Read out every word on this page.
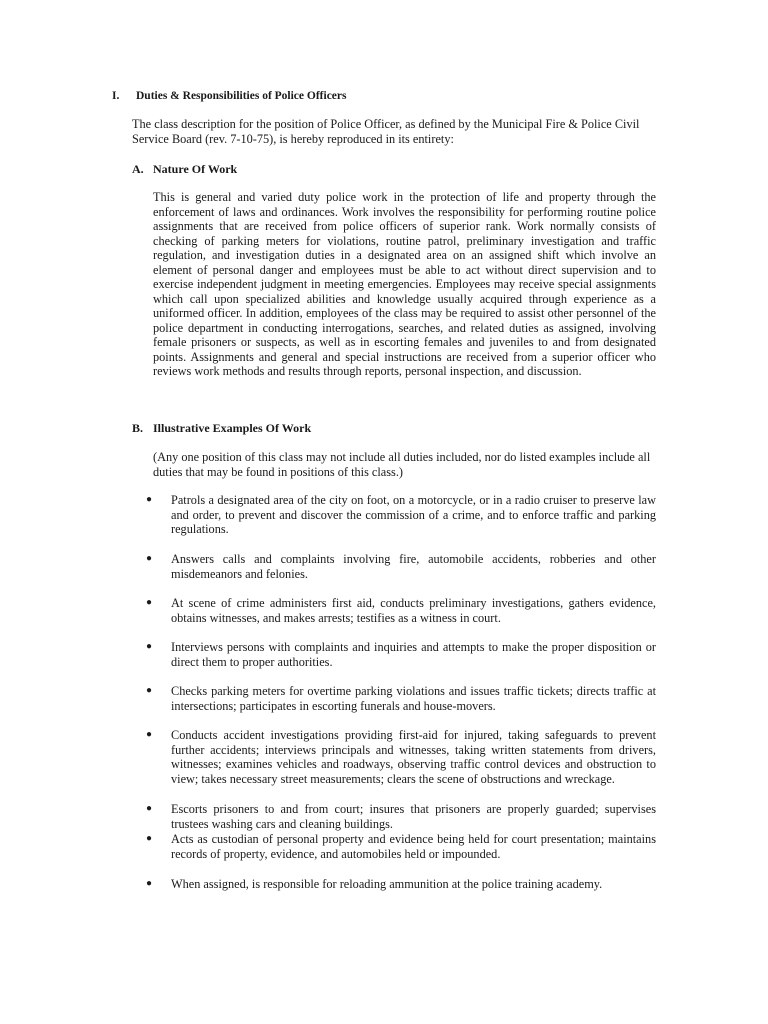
I. Duties & Responsibilities of Police Officers
The class description for the position of Police Officer, as defined by the Municipal Fire & Police Civil Service Board (rev. 7-10-75), is hereby reproduced in its entirety:
A. Nature Of Work
This is general and varied duty police work in the protection of life and property through the enforcement of laws and ordinances. Work involves the responsibility for performing routine police assignments that are received from police officers of superior rank. Work normally consists of checking of parking meters for violations, routine patrol, preliminary investigation and traffic regulation, and investigation duties in a designated area on an assigned shift which involve an element of personal danger and employees must be able to act without direct supervision and to exercise independent judgment in meeting emergencies. Employees may receive special assignments which call upon specialized abilities and knowledge usually acquired through experience as a uniformed officer. In addition, employees of the class may be required to assist other personnel of the police department in conducting interrogations, searches, and related duties as assigned, involving female prisoners or suspects, as well as in escorting females and juveniles to and from designated points. Assignments and general and special instructions are received from a superior officer who reviews work methods and results through reports, personal inspection, and discussion.
B. Illustrative Examples Of Work
(Any one position of this class may not include all duties included, nor do listed examples include all duties that may be found in positions of this class.)
● Patrols a designated area of the city on foot, on a motorcycle, or in a radio cruiser to preserve law and order, to prevent and discover the commission of a crime, and to enforce traffic and parking regulations.
● Answers calls and complaints involving fire, automobile accidents, robberies and other misdemeanors and felonies.
● At scene of crime administers first aid, conducts preliminary investigations, gathers evidence, obtains witnesses, and makes arrests; testifies as a witness in court.
● Interviews persons with complaints and inquiries and attempts to make the proper disposition or direct them to proper authorities.
● Checks parking meters for overtime parking violations and issues traffic tickets; directs traffic at intersections; participates in escorting funerals and house-movers.
● Conducts accident investigations providing first-aid for injured, taking safeguards to prevent further accidents; interviews principals and witnesses, taking written statements from drivers, witnesses; examines vehicles and roadways, observing traffic control devices and obstruction to view; takes necessary street measurements; clears the scene of obstructions and wreckage.
● Escorts prisoners to and from court; insures that prisoners are properly guarded; supervises trustees washing cars and cleaning buildings.
● Acts as custodian of personal property and evidence being held for court presentation; maintains records of property, evidence, and automobiles held or impounded.
● When assigned, is responsible for reloading ammunition at the police training academy.
